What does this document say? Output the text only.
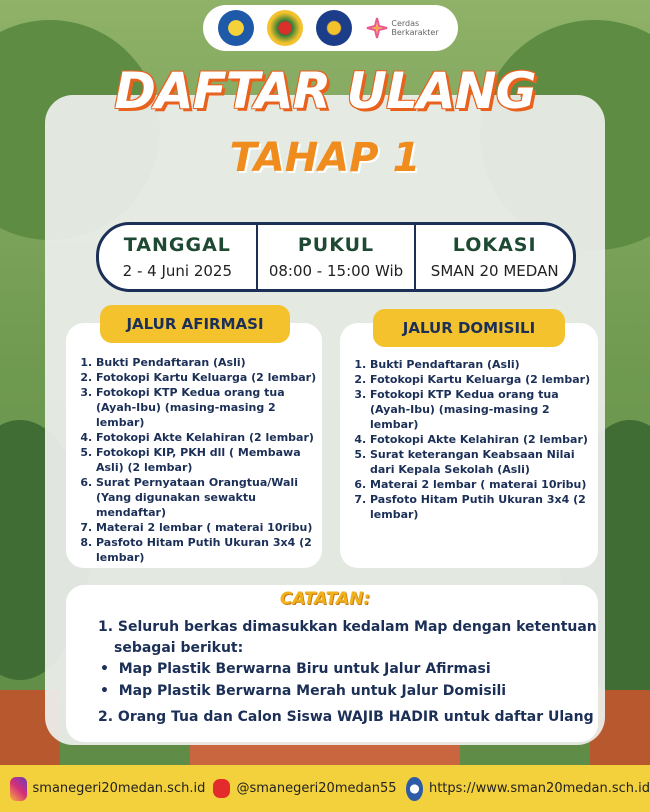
Cerdas Berkarakter
DAFTAR ULANG
TAHAP 1
TANGGAL
2 - 4 Juni 2025
PUKUL
08:00 - 15:00 Wib
LOKASI
SMAN 20 MEDAN
1. Bukti Pendaftaran (Asli)
2. Fotokopi Kartu Keluarga (2 lembar)
3. Fotokopi KTP Kedua orang tua (Ayah-Ibu) (masing-masing 2 lembar)
4. Fotokopi Akte Kelahiran (2 lembar)
5. Fotokopi KIP, PKH dll ( Membawa Asli) (2 lembar)
6. Surat Pernyataan Orangtua/Wali (Yang digunakan sewaktu mendaftar)
7. Materai 2 lembar ( materai 10ribu)
8. Pasfoto Hitam Putih Ukuran 3x4 (2 lembar)
JALUR AFIRMASI
1. Bukti Pendaftaran (Asli)
2. Fotokopi Kartu Keluarga (2 lembar)
3. Fotokopi KTP Kedua orang tua (Ayah-Ibu) (masing-masing 2 lembar)
4. Fotokopi Akte Kelahiran (2 lembar)
5. Surat keterangan Keabsaan Nilai dari Kepala Sekolah (Asli)
6. Materai 2 lembar ( materai 10ribu)
7. Pasfoto Hitam Putih Ukuran 3x4 (2 lembar)
JALUR DOMISILI
CATATAN:
1. Seluruh berkas dimasukkan kedalam Map dengan ketentuan
sebagai berikut:
•  Map Plastik Berwarna Biru untuk Jalur Afirmasi
•  Map Plastik Berwarna Merah untuk Jalur Domisili
2. Orang Tua dan Calon Siswa WAJIB HADIR untuk daftar Ulang
smanegeri20medan.sch.id @smanegeri20medan55 https://www.sman20medan.sch.id
